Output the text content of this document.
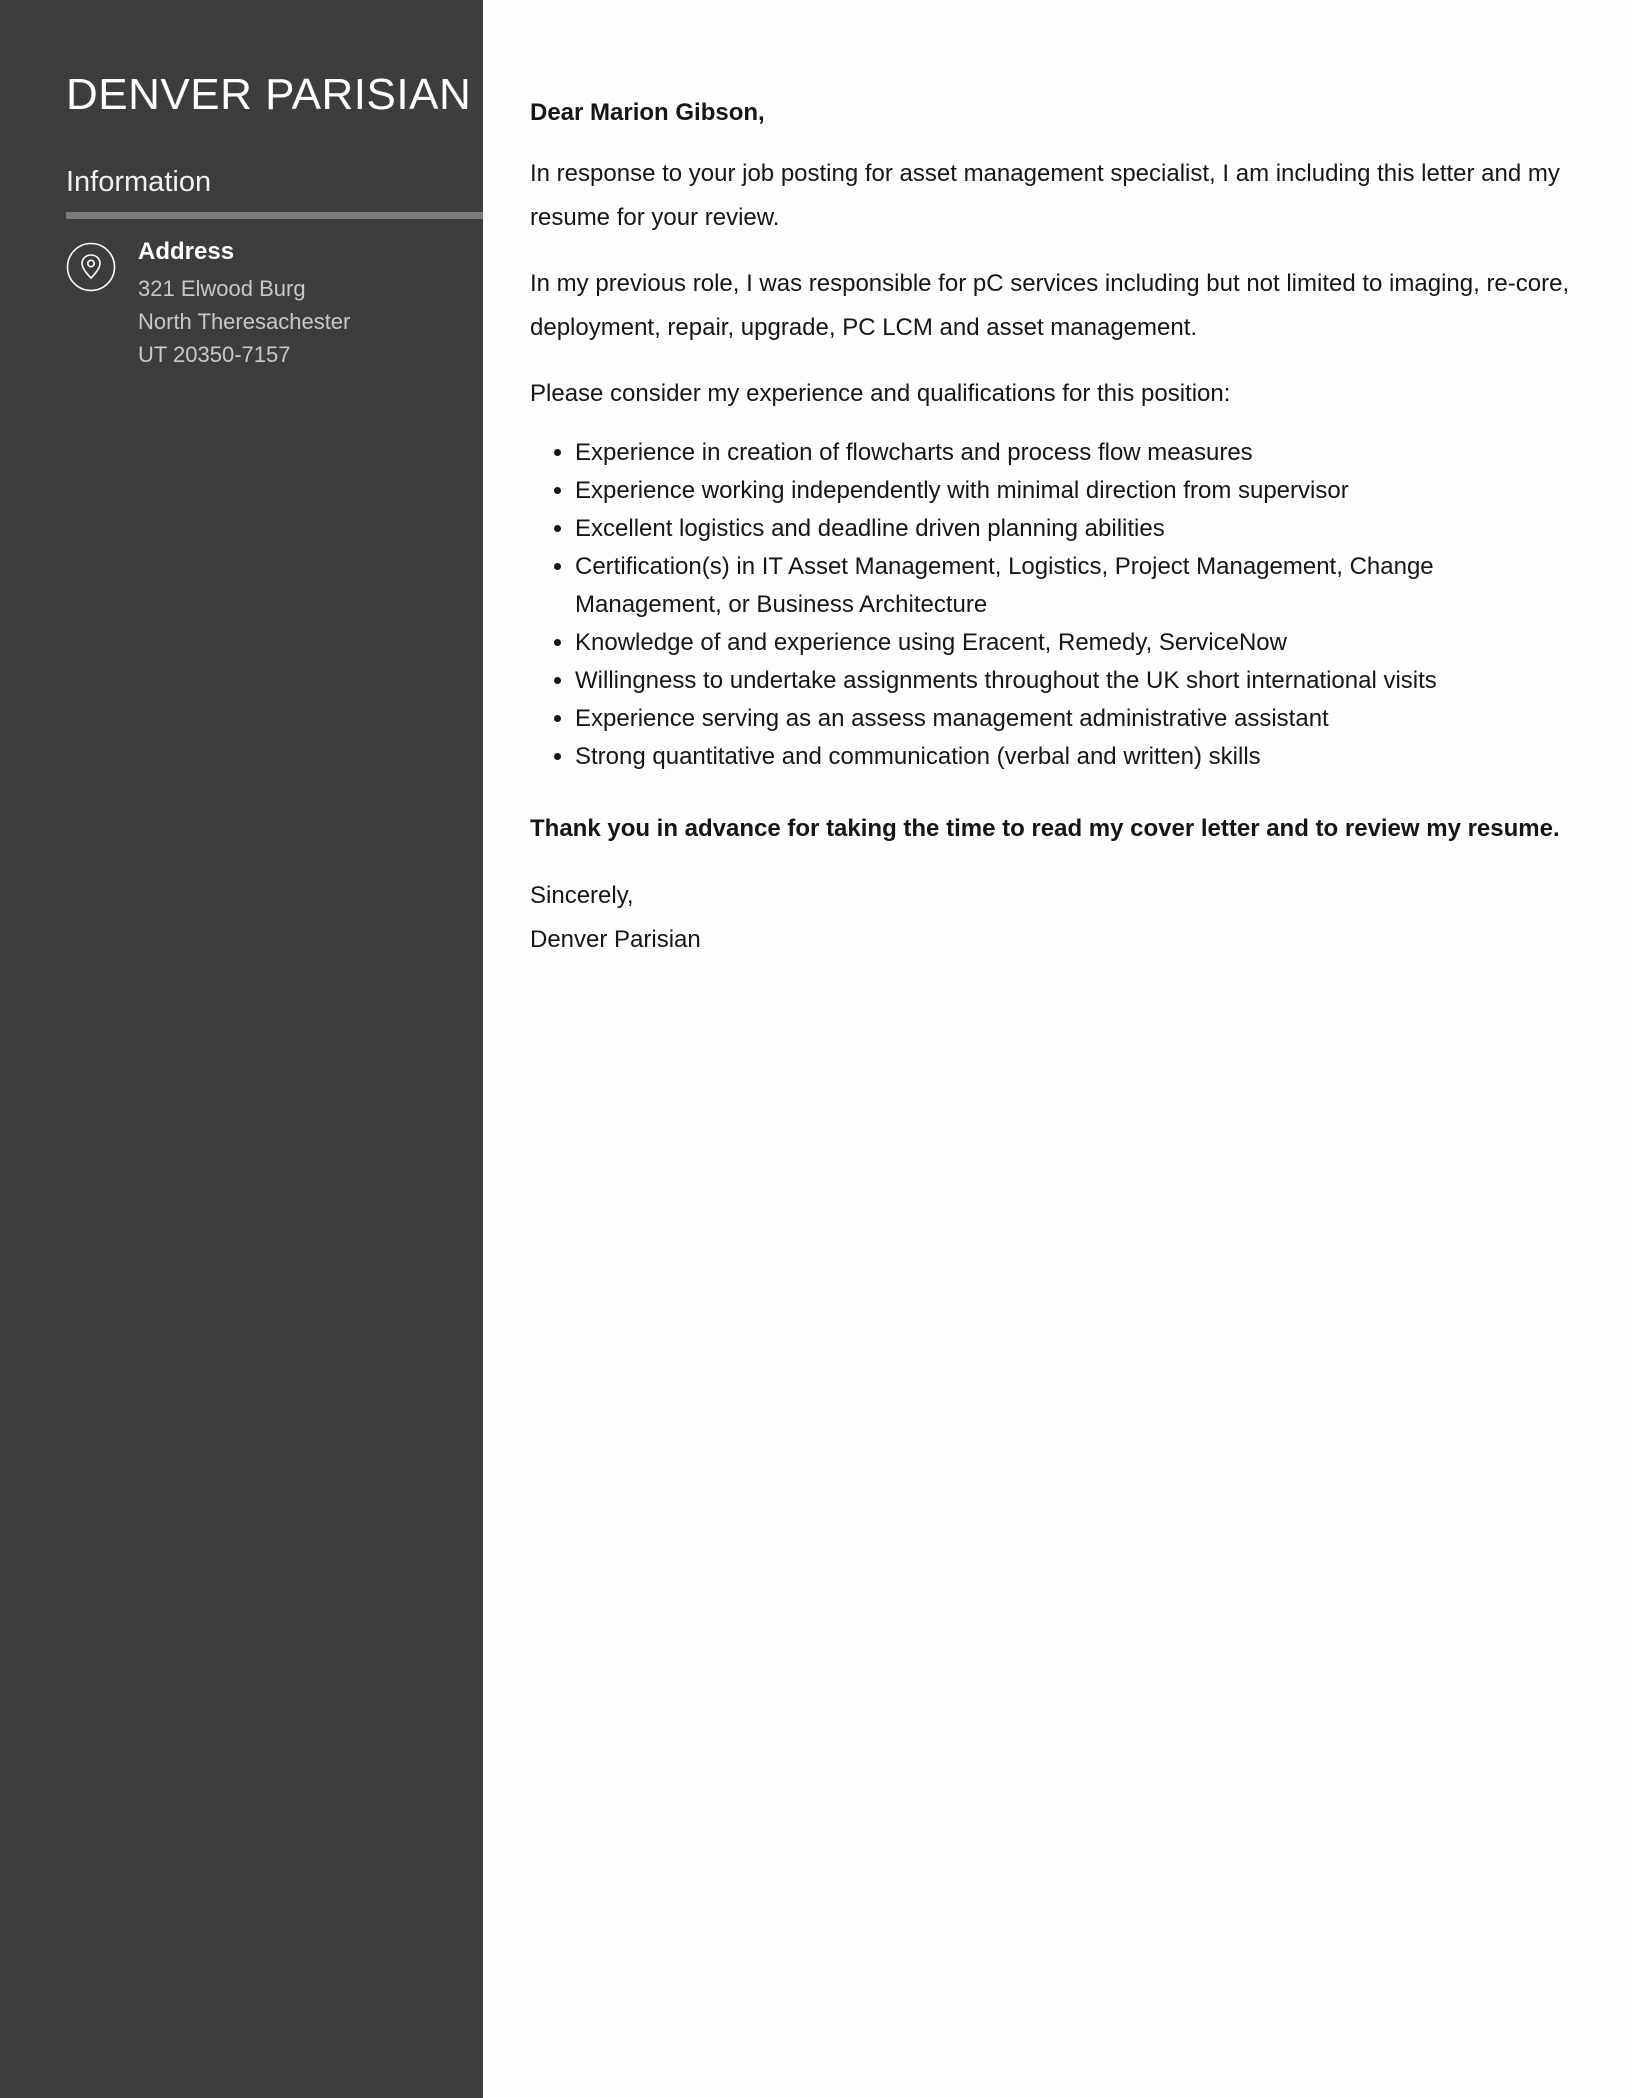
DENVER PARISIAN
Information
Address
321 Elwood Burg
North Theresachester
UT 20350-7157

Dear Marion Gibson,

In response to your job posting for asset management specialist, I am including this letter and my resume for your review.

In my previous role, I was responsible for pC services including but not limited to imaging, re-core, deployment, repair, upgrade, PC LCM and asset management.

Please consider my experience and qualifications for this position:

• Experience in creation of flowcharts and process flow measures
• Experience working independently with minimal direction from supervisor
• Excellent logistics and deadline driven planning abilities
• Certification(s) in IT Asset Management, Logistics, Project Management, Change Management, or Business Architecture
• Knowledge of and experience using Eracent, Remedy, ServiceNow
• Willingness to undertake assignments throughout the UK short international visits
• Experience serving as an assess management administrative assistant
• Strong quantitative and communication (verbal and written) skills

Thank you in advance for taking the time to read my cover letter and to review my resume.

Sincerely,
Denver Parisian
